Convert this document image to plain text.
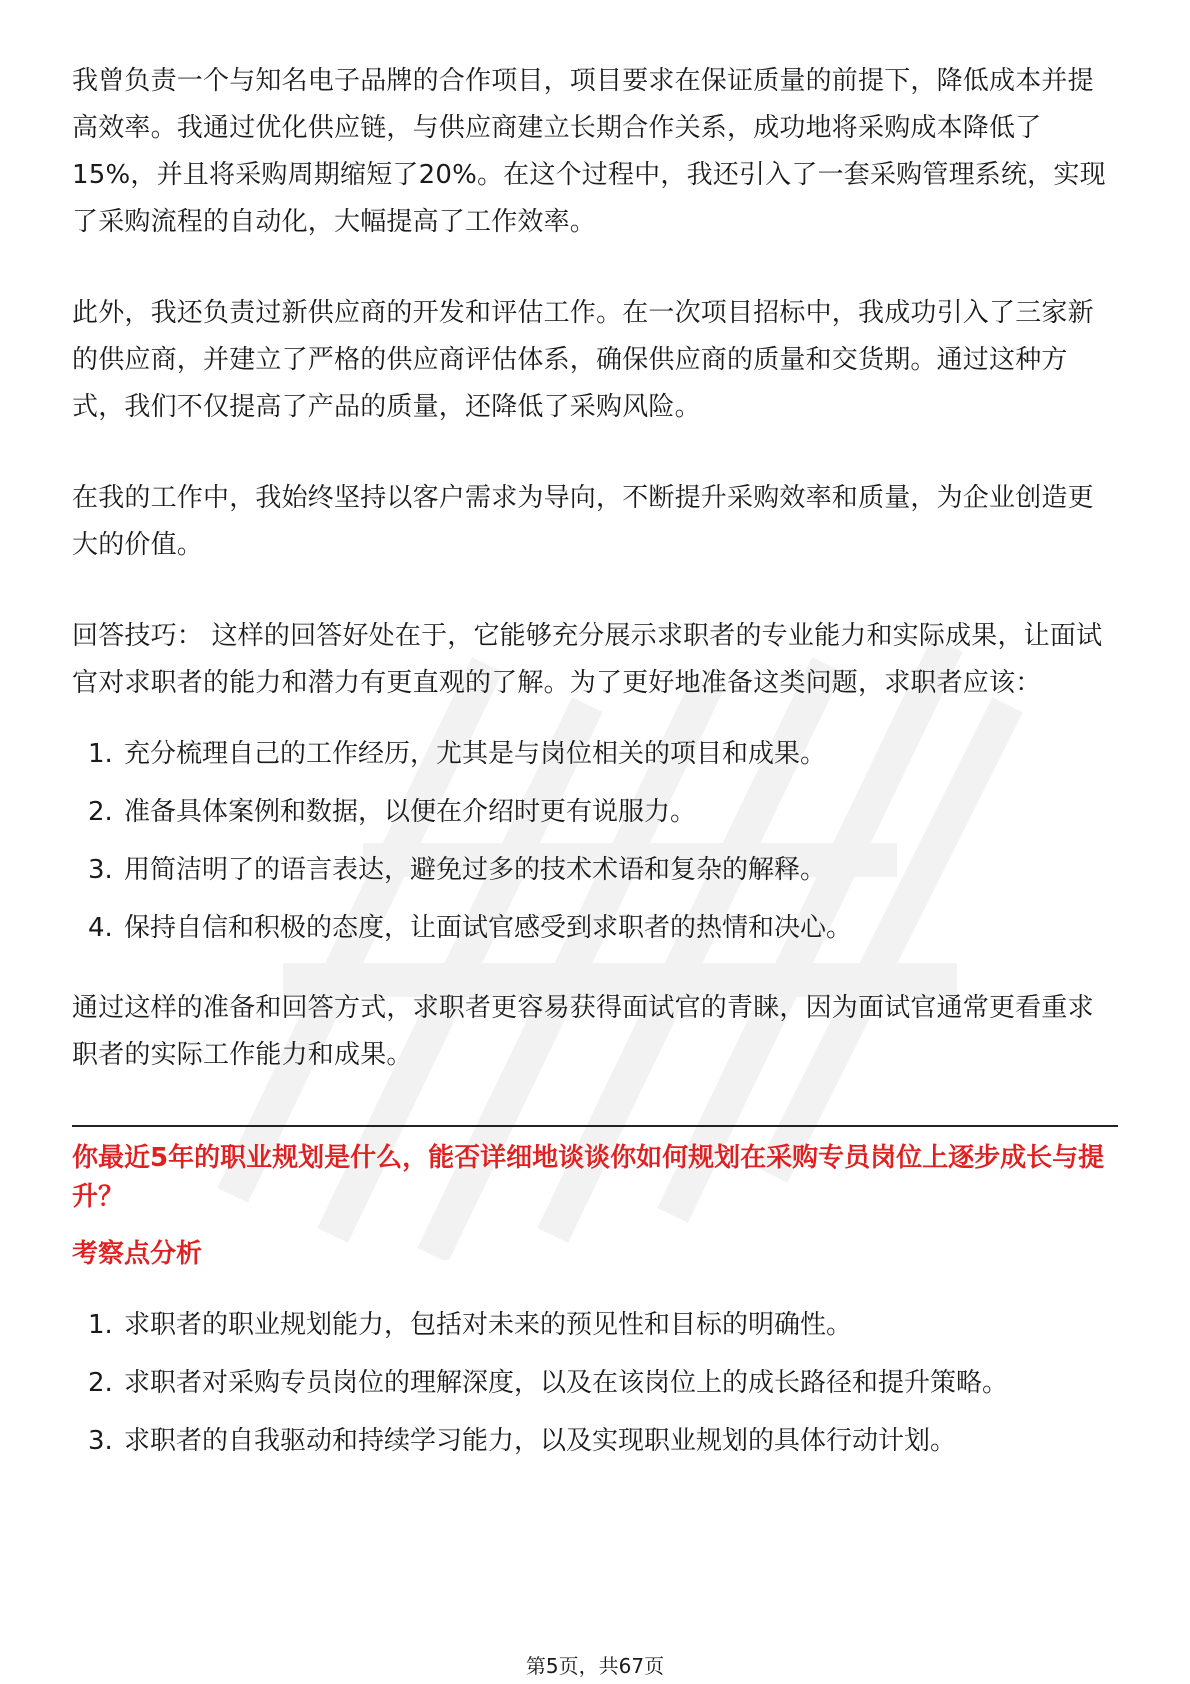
我曾负责一个与知名电子品牌的合作项目，项目要求在保证质量的前提下，降低成本并提高效率。我通过优化供应链，与供应商建立长期合作关系，成功地将采购成本降低了15%，并且将采购周期缩短了20%。在这个过程中，我还引入了一套采购管理系统，实现了采购流程的自动化，大幅提高了工作效率。

此外，我还负责过新供应商的开发和评估工作。在一次项目招标中，我成功引入了三家新的供应商，并建立了严格的供应商评估体系，确保供应商的质量和交货期。通过这种方式，我们不仅提高了产品的质量，还降低了采购风险。

在我的工作中，我始终坚持以客户需求为导向，不断提升采购效率和质量，为企业创造更大的价值。

回答技巧： 这样的回答好处在于，它能够充分展示求职者的专业能力和实际成果，让面试官对求职者的能力和潜力有更直观的了解。为了更好地准备这类问题，求职者应该：

1. 充分梳理自己的工作经历，尤其是与岗位相关的项目和成果。
2. 准备具体案例和数据，以便在介绍时更有说服力。
3. 用简洁明了的语言表达，避免过多的技术术语和复杂的解释。
4. 保持自信和积极的态度，让面试官感受到求职者的热情和决心。

通过这样的准备和回答方式，求职者更容易获得面试官的青睐，因为面试官通常更看重求职者的实际工作能力和成果。

你最近5年的职业规划是什么，能否详细地谈谈你如何规划在采购专员岗位上逐步成长与提升？

考察点分析

1. 求职者的职业规划能力，包括对未来的预见性和目标的明确性。
2. 求职者对采购专员岗位的理解深度，以及在该岗位上的成长路径和提升策略。
3. 求职者的自我驱动和持续学习能力，以及实现职业规划的具体行动计划。
第5页，共67页
